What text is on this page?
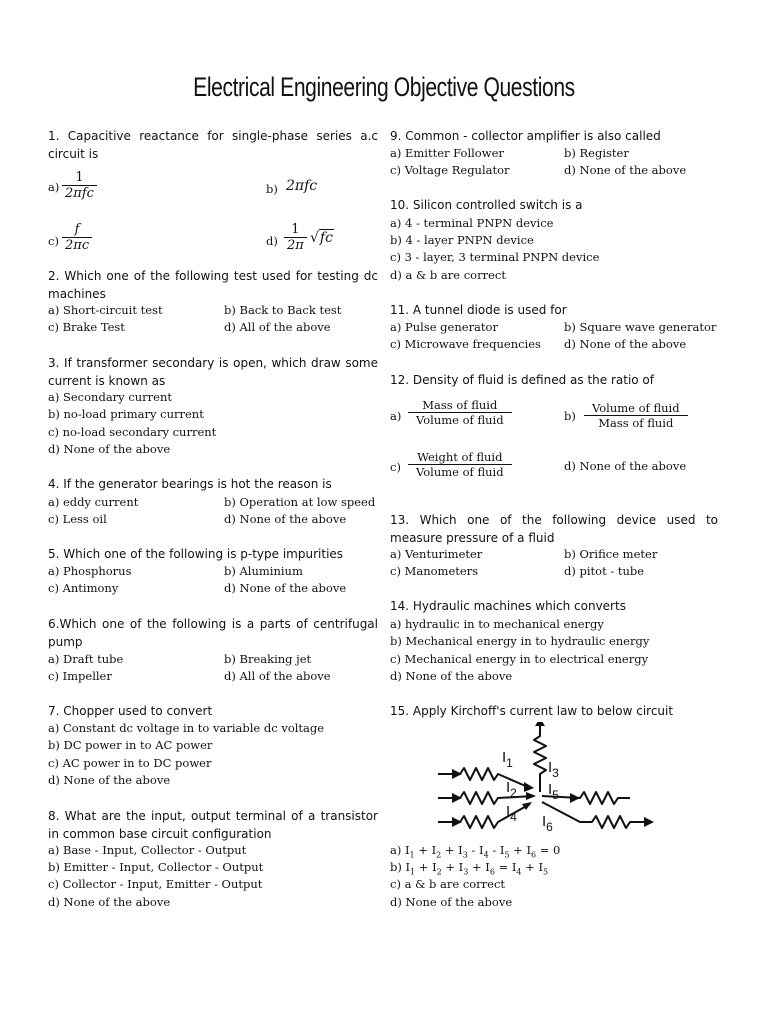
Electrical Engineering Objective Questions
1. Capacitive reactance for single-phase series a.c circuit is
a)
1
2πfc	b) 2πfc
$c) \frac{f}{2\pi c}$	$d) \frac{1}{2\pi} √fc$
2. Which one of the following test used for testing dc machines
a) Short-circuit test	b) Back to Back test
c) Brake Test	d) All of the above
3. If transformer secondary is open, which draw some current is known as
a) Secondary current
b) no-load primary current
c) no-load secondary current
d) None of the above
4. If the generator bearings is hot the reason is
a) eddy current	b) Operation at low speed
c) Less oil	d) None of the above
5. Which one of the following is p-type impurities
a) Phosphorus	b) Aluminium
c) Antimony	d) None of the above
6.Which one of the following is a parts of centrifugal pump
a) Draft tube	b) Breaking jet
c) Impeller	d) All of the above
7. Chopper used to convert
a) Constant dc voltage in to variable dc voltage
b) DC power in to AC power
c) AC power in to DC power
d) None of the above
8. What are the input, output terminal of a transistor in common base circuit configuration
a) Base - Input, Collector - Output
b) Emitter - Input, Collector - Output
c) Collector - Input, Emitter - Output
d) None of the above
9. Common - collector amplifier is also called
a) Emitter Follower	b) Register
c) Voltage Regulator	d) None of the above
10. Silicon controlled switch is a
a) 4 - terminal PNPN device
b) 4 - layer PNPN device
c) 3 - layer, 3 terminal PNPN device
d) a & b are correct
11. A tunnel diode is used for
a) Pulse generator	b) Square wave generator
c) Microwave frequencies d) None of the above
12. Density of fluid is defined as the ratio of
a)
Mass of fluid
Volume of fluid	b)
Volume of fluid
Mass of fluid
c)
Weight of fluid
Volume of fluid	d) None of the above
13. Which one of the following device used to measure pressure of a fluid
a) Venturimeter	b) Orifice meter
c) Manometers	d) pitot - tube
14. Hydraulic machines which converts
a) hydraulic in to mechanical energy
b) Mechanical energy in to hydraulic energy
c) Mechanical energy in to electrical energy
d) None of the above
15. Apply Kirchoff's current law to below circuit
$I_1$ $I_3$
$I_2$ $I_5$
$I_4$ $I_6$
a) $I_1 + I_2 + I_3 - I_4 - I_5 + I_6 = 0$
b) $I_1 + I_2 + I_3 + I_6 = I_4 + I_5$
c) a & b are correct
d) None of the above
